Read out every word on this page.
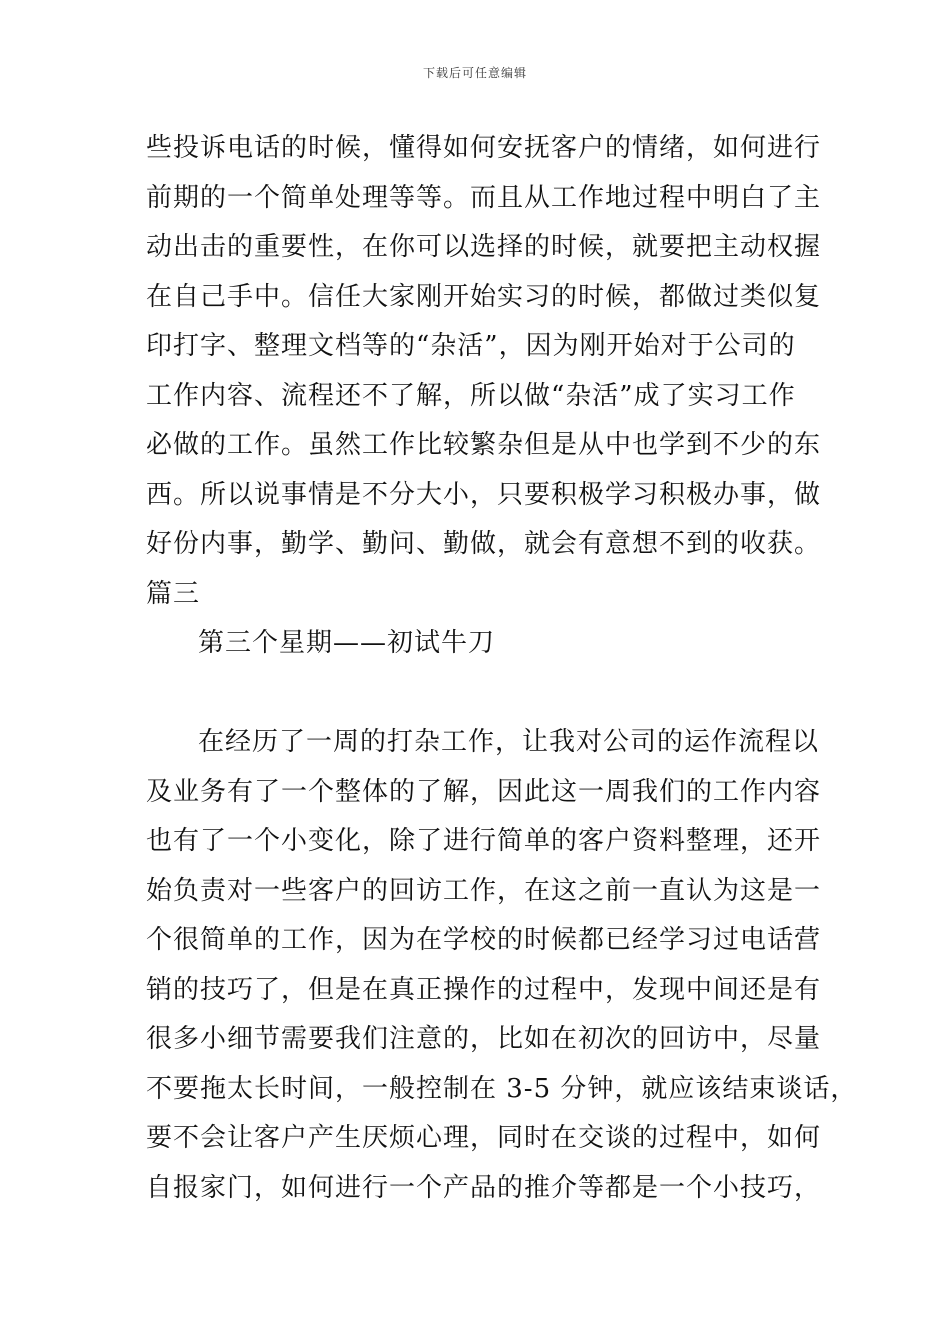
下载后可任意编辑
些投诉电话的时候，懂得如何安抚客户的情绪，如何进行
前期的一个简单处理等等。而且从工作地过程中明白了主
动出击的重要性，在你可以选择的时候，就要把主动权握
在自己手中。信任大家刚开始实习的时候，都做过类似复
印打字、整理文档等的“杂活”，因为刚开始对于公司的
工作内容、流程还不了解，所以做“杂活”成了实习工作
必做的工作。虽然工作比较繁杂但是从中也学到不少的东
西。所以说事情是不分大小，只要积极学习积极办事，做
好份内事，勤学、勤问、勤做，就会有意想不到的收获。
篇三
第三个星期——初试牛刀
在经历了一周的打杂工作，让我对公司的运作流程以
及业务有了一个整体的了解，因此这一周我们的工作内容
也有了一个小变化，除了进行简单的客户资料整理，还开
始负责对一些客户的回访工作，在这之前一直认为这是一
个很简单的工作，因为在学校的时候都已经学习过电话营
销的技巧了，但是在真正操作的过程中，发现中间还是有
很多小细节需要我们注意的，比如在初次的回访中，尽量
不要拖太长时间，一般控制在 3-5 分钟，就应该结束谈话，
要不会让客户产生厌烦心理，同时在交谈的过程中，如何
自报家门，如何进行一个产品的推介等都是一个小技巧，
